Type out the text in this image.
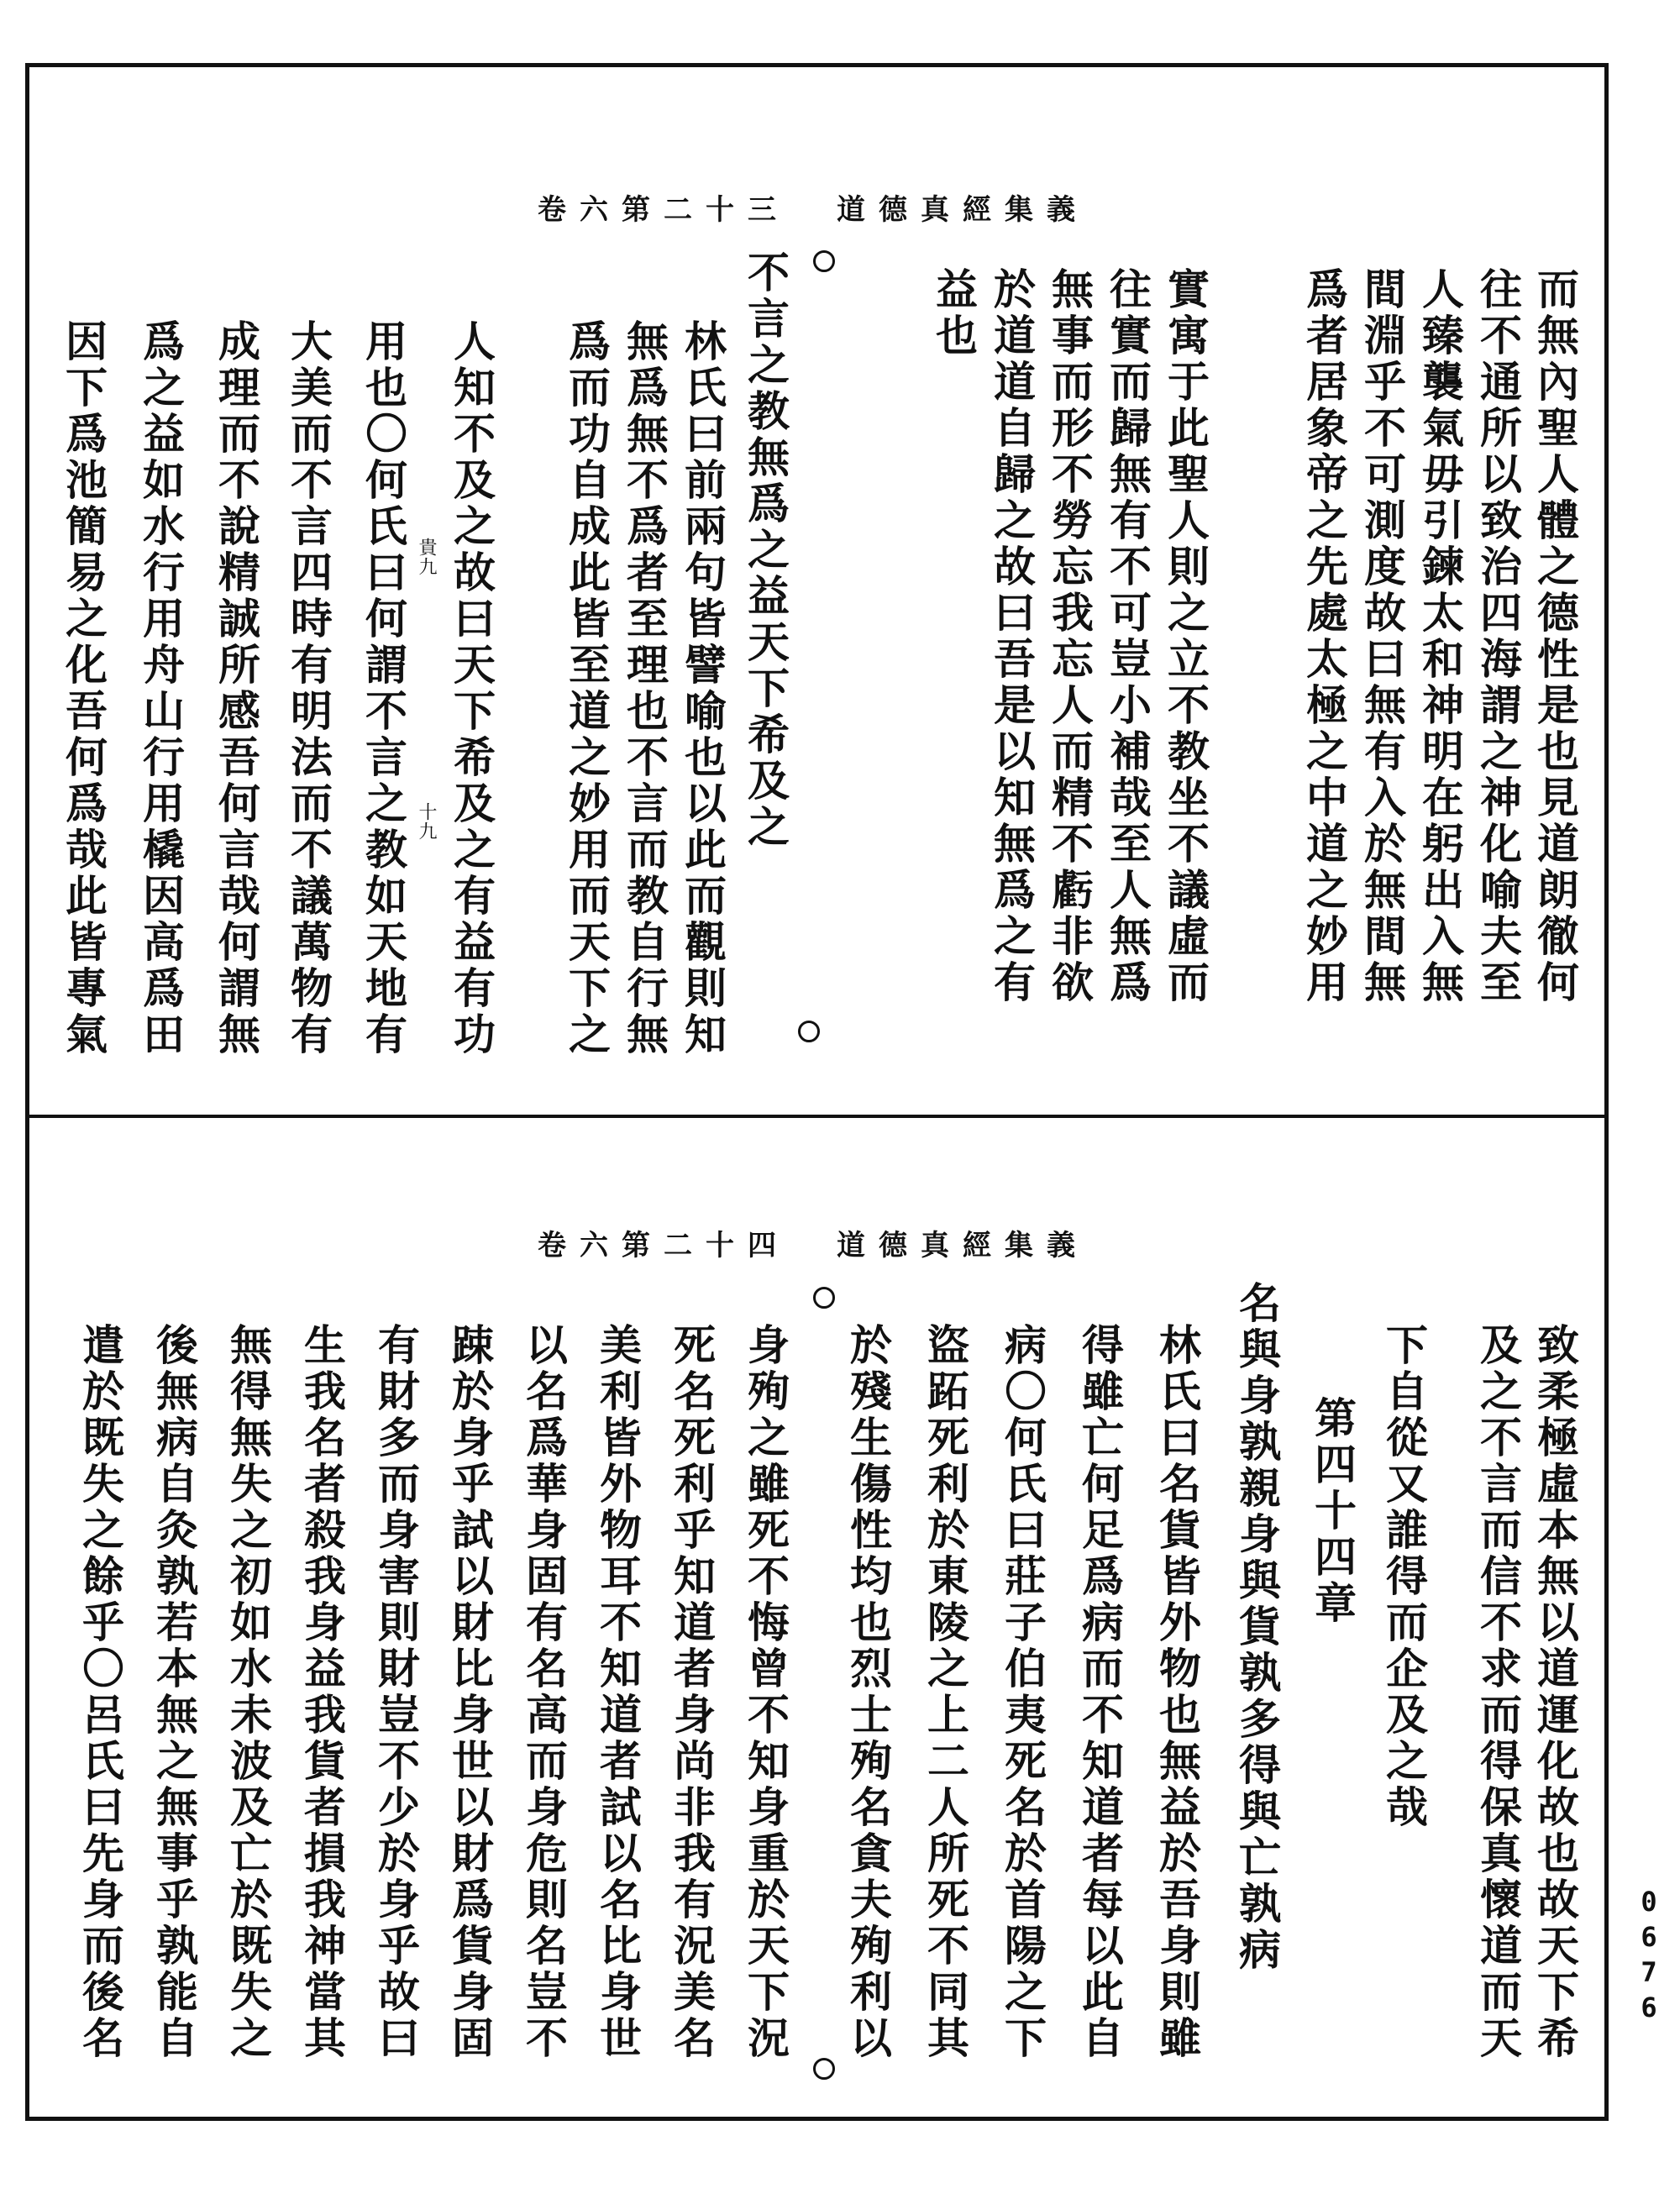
卷六第二十三 道德真經集義
而無內聖人體之德性是也見道朗徹何
往不通所以致治四海謂之神化喻夫至
人臻襲氣毋引鍊太和神明在躬出入無
間淵乎不可測度故曰無有入於無間無
爲者居象帝之先處太極之中道之妙用
實寓于此聖人則之立不教坐不議虛而
往實而歸無有不可豈小補哉至人無爲
無事而形不勞忘我忘人而精不虧非欲
於道道自歸之故曰吾是以知無爲之有
益也
不言之教無爲之益天下希及之
林氏曰前兩句皆譬喻也以此而觀則知
無爲無不爲者至理也不言而教自行無
爲而功自成此皆至道之妙用而天下之
人知不及之故曰天下希及之有益有功
貴九
十九
用也〇何氏曰何謂不言之教如天地有
大美而不言四時有明法而不議萬物有
成理而不說精誠所感吾何言哉何謂無
爲之益如水行用舟山行用橇因高爲田
因下爲池簡易之化吾何爲哉此皆專氣
卷六第二十四 道德真經集義
致柔極虛本無以道運化故也故天下希
及之不言而信不求而得保真懷道而天
下自從又誰得而企及之哉
第四十四章
名與身孰親身與貨孰多得與亡孰病
林氏曰名貨皆外物也無益於吾身則雖
得雖亡何足爲病而不知道者每以此自
病〇何氏曰莊子伯夷死名於首陽之下
盜跖死利於東陵之上二人所死不同其
於殘生傷性均也烈士殉名貪夫殉利以
身殉之雖死不悔曾不知身重於天下況
死名死利乎知道者身尚非我有況美名
美利皆外物耳不知道者試以名比身世
以名爲華身固有名高而身危則名豈不
踈於身乎試以財比身世以財爲貨身固
有財多而身害則財豈不少於身乎故曰
生我名者殺我身益我貨者損我神當其
無得無失之初如水未波及亡於既失之
後無病自灸孰若本無之無事乎孰能自
遣於既失之餘乎〇呂氏曰先身而後名	0676
